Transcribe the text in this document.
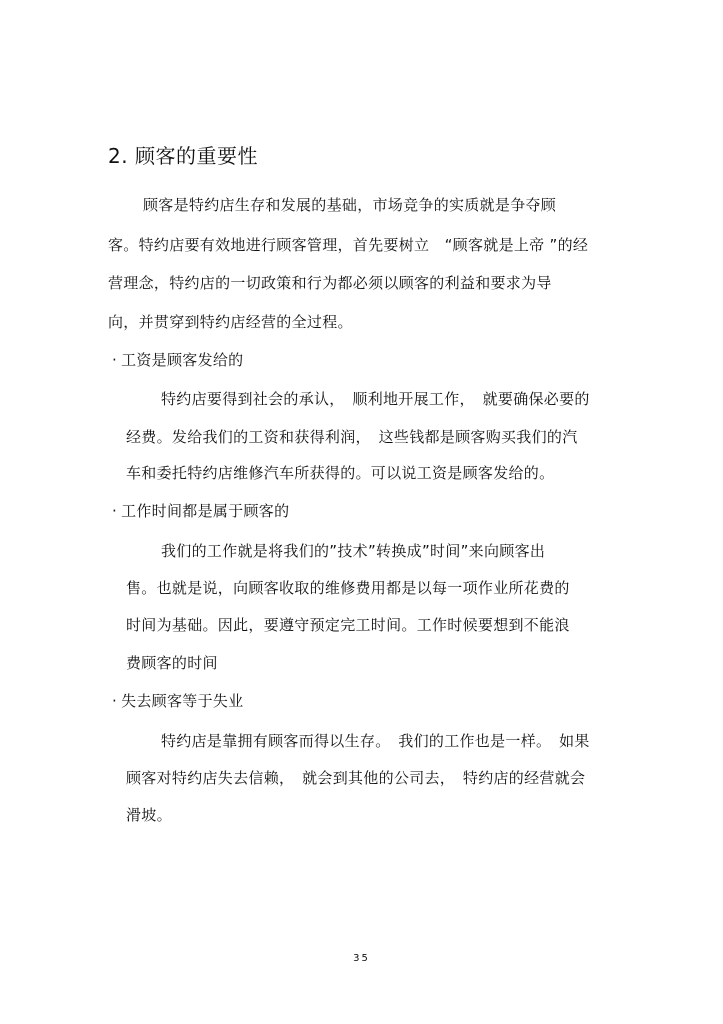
2. 顾客的重要性
顾客是特约店生存和发展的基础，市场竞争的实质就是争夺顾
客。特约店要有效地进行顾客管理，首先要树立　“顾客就是上帝 ”的经
营理念，特约店的一切政策和行为都必须以顾客的利益和要求为导
向，并贯穿到特约店经营的全过程。
· 工资是顾客发给的
特约店要得到社会的承认，　顺利地开展工作，　就要确保必要的
经费。发给我们的工资和获得利润，　这些钱都是顾客购买我们的汽
车和委托特约店维修汽车所获得的。可以说工资是顾客发给的。
· 工作时间都是属于顾客的
我们的工作就是将我们的”技术”转换成”时间”来向顾客出
售。也就是说，向顾客收取的维修费用都是以每一项作业所花费的
时间为基础。因此，要遵守预定完工时间。工作时候要想到不能浪
费顾客的时间
· 失去顾客等于失业
特约店是靠拥有顾客而得以生存。　我们的工作也是一样。　如果
顾客对特约店失去信赖，　就会到其他的公司去，　特约店的经营就会
滑坡。
35
